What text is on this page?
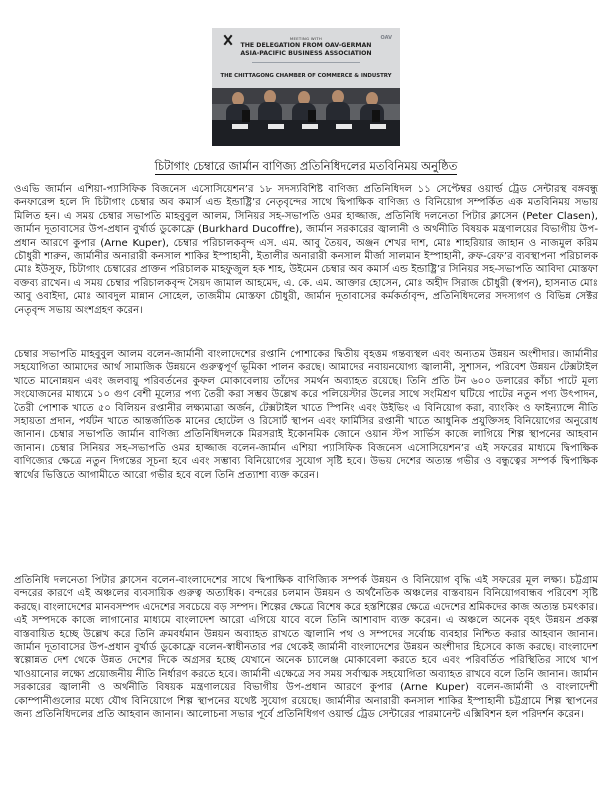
OAV
MEETING WITH
THE DELEGATION FROM OAV-GERMAN
ASIA-PACIFIC BUSINESS ASSOCIATION
THE CHITTAGONG CHAMBER OF COMMERCE & INDUSTRY
চিটাগাং চেম্বারে জার্মান বাণিজ্য প্রতিনিধিদলের মতবিনিময় অনুষ্ঠিত

ওএভি জার্মান এশিয়া-প্যাসিফিক বিজনেস এসোসিয়েশন’র ১৮ সদস্যবিশিষ্ট বাণিজ্য প্রতিনিধিদল ১১ সেপ্টেম্বর ওয়ার্ল্ড ট্রেড সেন্টারস্থ বঙ্গবন্ধু কনফারেন্স হলে দি চিটাগাং চেম্বার অব কমার্স এন্ড ইন্ডাষ্ট্রি’র নেতৃবৃন্দের সাথে দ্বিপাক্ষিক বাণিজ্য ও বিনিয়োগ সম্পর্কিত এক মতবিনিময় সভায় মিলিত হন। এ সময় চেম্বার সভাপতি মাহবুবুল আলম, সিনিয়র সহ-সভাপতি ওমর হাজ্জাজ, প্রতিনিধি দলনেতা পিটার ক্লাসেন (Peter Clasen), জার্মান দূতাবাসের উপ-প্রধান বুর্খার্ড ডুকোফ্রে (Burkhard Ducoffre), জার্মান সরকারের জ্বালানী ও অর্থনীতি বিষয়ক মন্ত্রণালয়ের বিভাগীয় উপ-প্রধান আরণে কুপার (Arne Kuper), চেম্বার পরিচালকবৃন্দ এস. এম. আবু তৈয়ব, অঞ্জন শেখর দাশ, মোঃ শাহরিয়ার জাহান ও নাজমুল করিম চৌধুরী শারুন, জার্মানীর অনারারী কনসাল শাকির ইস্পাহানী, ইতালীর অনারারী কনসাল মীর্জা সালমান ইস্পাহানী, রুফ-রেফ’র ব্যবস্থাপনা পরিচালক মোঃ ইউসুফ, চিটাগাং চেম্বারের প্রাক্তন পরিচালক মাহফুজুল হক শাহ, উইমেন চেম্বার অব কমার্স এন্ড ইন্ডাষ্ট্রি’র সিনিয়র সহ-সভাপতি আবিদা মোস্তফা বক্তব্য রাখেন। এ সময় চেম্বার পরিচালকবৃন্দ সৈয়দ জামাল আহমেদ, এ. কে. এম. আক্তার হোসেন, মোঃ অহীদ সিরাজ চৌধুরী (স্বপন), হাসনাত মোঃ আবু ওবাইদা, মোঃ আবদুল মান্নান সোহেল, তাজমীম মোস্তফা চৌধুরী, জার্মান দূতাবাসের কর্মকর্তাবৃন্দ, প্রতিনিধিদলের সদস্যগণ ও বিভিন্ন সেক্টর নেতৃবৃন্দ সভায় অংশগ্রহণ করেন।

চেম্বার সভাপতি মাহবুবুল আলম বলেন-জার্মানী বাংলাদেশের রপ্তানি পোশাকের দ্বিতীয় বৃহত্তম গন্তব্যস্থল এবং অন্যতম উন্নয়ন অংশীদার। জার্মানীর সহযোগিতা আমাদের আর্থ সামাজিক উন্নয়নে গুরুত্বপূর্ণ ভূমিকা পালন করছে। আমাদের নবায়নযোগ্য জ্বালানী, সুশাসন, পরিবেশ উন্নয়ন টেক্সটাইল খাতে মানোন্নয়ন এবং জলবায়ু পরিবর্তনের কুফল মোকাবেলায় তাঁদের সমর্থন অব্যাহত রয়েছে। তিনি প্রতি টন ৬০০ ডলারের কাঁচা পাটে মূল্য সংযোজনের মাধ্যমে ১০ গুণ বেশী মূল্যের পণ্য তৈরী করা সম্ভব উল্লেখ করে পলিয়েস্টার উলের সাথে সংমিশ্রণ ঘটিয়ে পাটের নতুন পণ্য উৎপাদন, তৈরী পোশাক খাতে ৫০ বিলিয়ন রপ্তানীর লক্ষ্যমাত্রা অর্জন, টেক্সটাইল খাতে স্পিনিং এবং উইভিং এ বিনিয়োগ করা, ব্যাংকিং ও ফাইন্যান্সে নীতি সহায়তা প্রদান, পর্যটন খাতে আন্তর্জাতিক মানের হোটেল ও রিসোর্ট স্থাপন এবং ফার্মিসির রপ্তানী খাতে আধুনিক প্রযুক্তিসহ বিনিয়োগের অনুরোধ জানান। চেম্বার সভাপতি জার্মান বাণিজ্য প্রতিনিধিদলকে মিরসরাই ইকোনমিক জোনে ওয়ান স্টপ সার্ভিস কাজে লাগিয়ে শিল্প স্থাপনের আহবান জানান। চেম্বার সিনিয়র সহ-সভাপতি ওমর হাজ্জাজ বলেন-জার্মান এশিয়া প্যাসিফিক বিজনেস এসোসিয়েশন’র এই সফরের মাধ্যমে দ্বিপাক্ষিক বাণিজ্যের ক্ষেত্রে নতুন দিগন্তের সূচনা হবে এবং সম্ভাব্য বিনিয়োগের সুযোগ সৃষ্টি হবে। উভয় দেশের অত্যন্ত গভীর ও বন্ধুত্বের সম্পর্ক দ্বিপাক্ষিক স্বার্থের ভিত্তিতে আগামীতে আরো গভীর হবে বলে তিনি প্রত্যাশা ব্যক্ত করেন।

প্রতিনিধি দলনেতা পিটার ক্লাসেন বলেন-বাংলাদেশের সাথে দ্বিপাক্ষিক বাণিজ্যিক সম্পর্ক উন্নয়ন ও বিনিয়োগ বৃদ্ধি এই সফরের মূল লক্ষ্য। চট্টগ্রাম বন্দরের কারণে এই অঞ্চলের ব্যবসায়িক গুরুত্ব অত্যধিক। বন্দরের চলমান উন্নয়ন ও অর্থনৈতিক অঞ্চলের বাস্তবায়ন বিনিয়োগবান্ধব পরিবেশ সৃষ্টি করছে। বাংলাদেশের মানবসম্পদ এদেশের সবচেয়ে বড় সম্পদ। শিল্পের ক্ষেত্রে বিশেষ করে হস্তশিল্পের ক্ষেত্রে এদেশের শ্রমিকদের কাজ অত্যন্ত চমৎকার। এই সম্পদকে কাজে লাগানোর মাধ্যমে বাংলাদেশ আরো এগিয়ে যাবে বলে তিনি আশাবাদ ব্যক্ত করেন। এ অঞ্চলে অনেক বৃহৎ উন্নয়ন প্রকল্প বাস্তবায়িত হচ্ছে উল্লেখ করে তিনি ক্রমবর্ধমান উন্নয়ন অব্যাহত রাখতে জ্বালানি পথ ও সম্পদের সর্বোচ্চ ব্যবহার নিশ্চিত করার আহবান জানান। জার্মান দূতাবাসের উপ-প্রধান বুর্খার্ড ডুকোফ্রে বলেন-স্বাধীনতার পর থেকেই জার্মানী বাংলাদেশের উন্নয়ন অংশীদার হিসেবে কাজ করছে। বাংলাদেশ স্বল্পোন্নত দেশ থেকে উন্নত দেশের দিকে অগ্রসর হচ্ছে যেখানে অনেক চ্যালেঞ্জ মোকাবেলা করতে হবে এবং পরিবর্তিত পরিস্থিতির সাথে খাপ খাওয়ানোর লক্ষ্যে প্রয়োজনীয় নীতি নির্ধারণ করতে হবে। জার্মানী এক্ষেত্রে সব সময় সর্বাত্মক সহযোগিতা অব্যাহত রাখবে বলে তিনি জানান। জার্মান সরকারের জ্বালানী ও অর্থনীতি বিষয়ক মন্ত্রণালয়ের বিভাগীয় উপ-প্রধান আরণে কুপার (Arne Kuper) বলেন-জার্মানী ও বাংলাদেশী কোম্পানীগুলোর মধ্যে যৌথ বিনিয়োগে শিল্প স্থাপনের যথেষ্ট সুযোগ রয়েছে। জার্মানীর অনারারী কনসাল শাকির ইস্পাহানী চট্টগ্রামে শিল্প স্থাপনের জন্য প্রতিনিধিদলের প্রতি আহবান জানান। আলোচনা সভার পূর্বে প্রতিনিধিগণ ওয়ার্ল্ড ট্রেড সেন্টারের পারমানেন্ট এক্সিবিশন হল পরিদর্শন করেন।
